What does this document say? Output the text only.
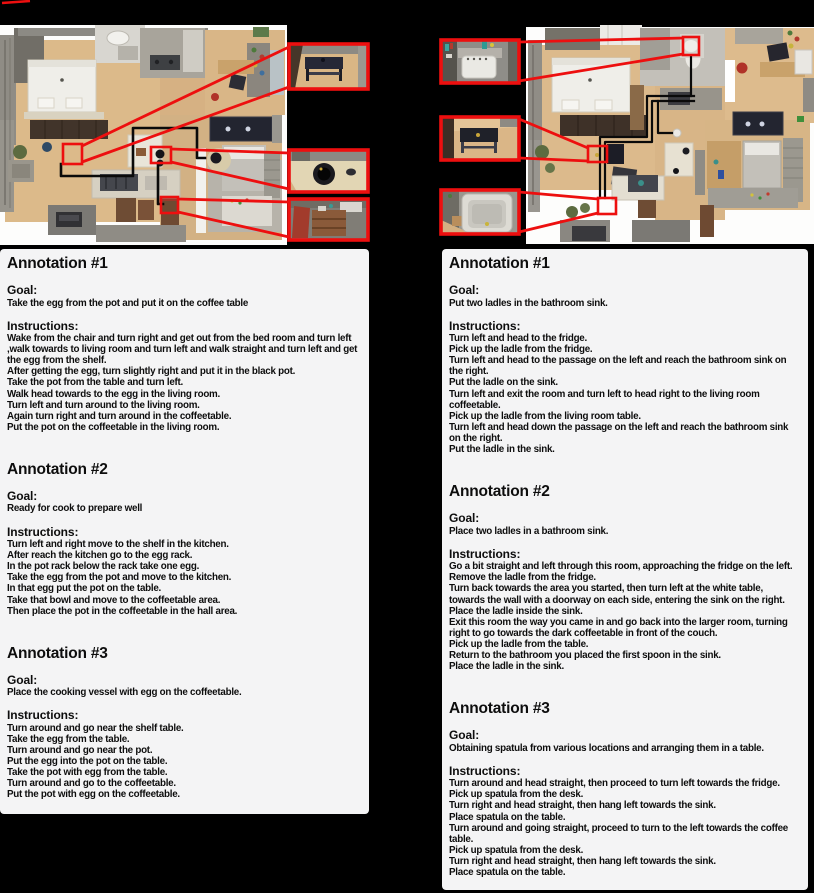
Annotation #1

Goal:

Take the egg from the pot and put it on the coffee table

Instructions:

Wake from the chair and turn right and get out from the bed room and turn left ,walk towards to living room and turn left and walk straight and turn left and get the egg from the shelf.
After getting the egg, turn slightly right and put it in the black pot.
Take the pot from the table and turn left.
Walk head towards to the egg in the living room.
Turn left and turn around to the living room.
Again turn right and turn around in the coffeetable.
Put the pot on the coffeetable in the living room.
Annotation #2

Goal:

Ready for cook to prepare well

Instructions:

Turn left and right move to the shelf in the kitchen.
After reach the kitchen go to the egg rack.
In the pot rack below the rack take one egg.
Take the egg from the pot and move to the kitchen.
In that egg put the pot on the table.
Take that bowl and move to the coffeetable area.
Then place the pot in the coffeetable in the hall area.
Annotation #3

Goal:

Place the cooking vessel with egg on the coffeetable.

Instructions:

Turn around and go near the shelf table.
Take the egg from the table.
Turn around and go near the pot.
Put the egg into the pot on the table.
Take the pot with egg from the table.
Turn around and go to the coffeetable.
Put the pot with egg on the coffeetable.
Annotation #1

Goal:

Put two ladles in the bathroom sink.

Instructions:

Turn left and head to the fridge.
Pick up the ladle from the fridge.
Turn left and head to the passage on the left and reach the bathroom sink on the right.
Put the ladle on the sink.
Turn left and exit the room and turn left to head right to the living room coffeetable.
Pick up the ladle from the living room table.
Turn left and head down the passage on the left and reach the bathroom sink on the right.
Put the ladle in the sink.
Annotation #2

Goal:

Place two ladles in a bathroom sink.

Instructions:

Go a bit straight and left through this room, approaching the fridge on the left.
Remove the ladle from the fridge.
Turn back towards the area you started, then turn left at the white table, towards the wall with a doorway on each side, entering the sink on the right.
Place the ladle inside the sink.
Exit this room the way you came in and go back into the larger room, turning right to go towards the dark coffeetable in front of the couch.
Pick up the ladle from the table.
Return to the bathroom you placed the first spoon in the sink.
Place the ladle in the sink.
Annotation #3

Goal:

Obtaining spatula from various locations and arranging them in a table.

Instructions:

Turn around and head straight, then proceed to turn left towards the fridge.
Pick up spatula from the desk.
Turn right and head straight, then hang left towards the sink.
Place spatula on the table.
Turn around and going straight, proceed to turn to the left towards the coffee table.
Pick up spatula from the desk.
Turn right and head straight, then hang left towards the sink.
Place spatula on the table.
